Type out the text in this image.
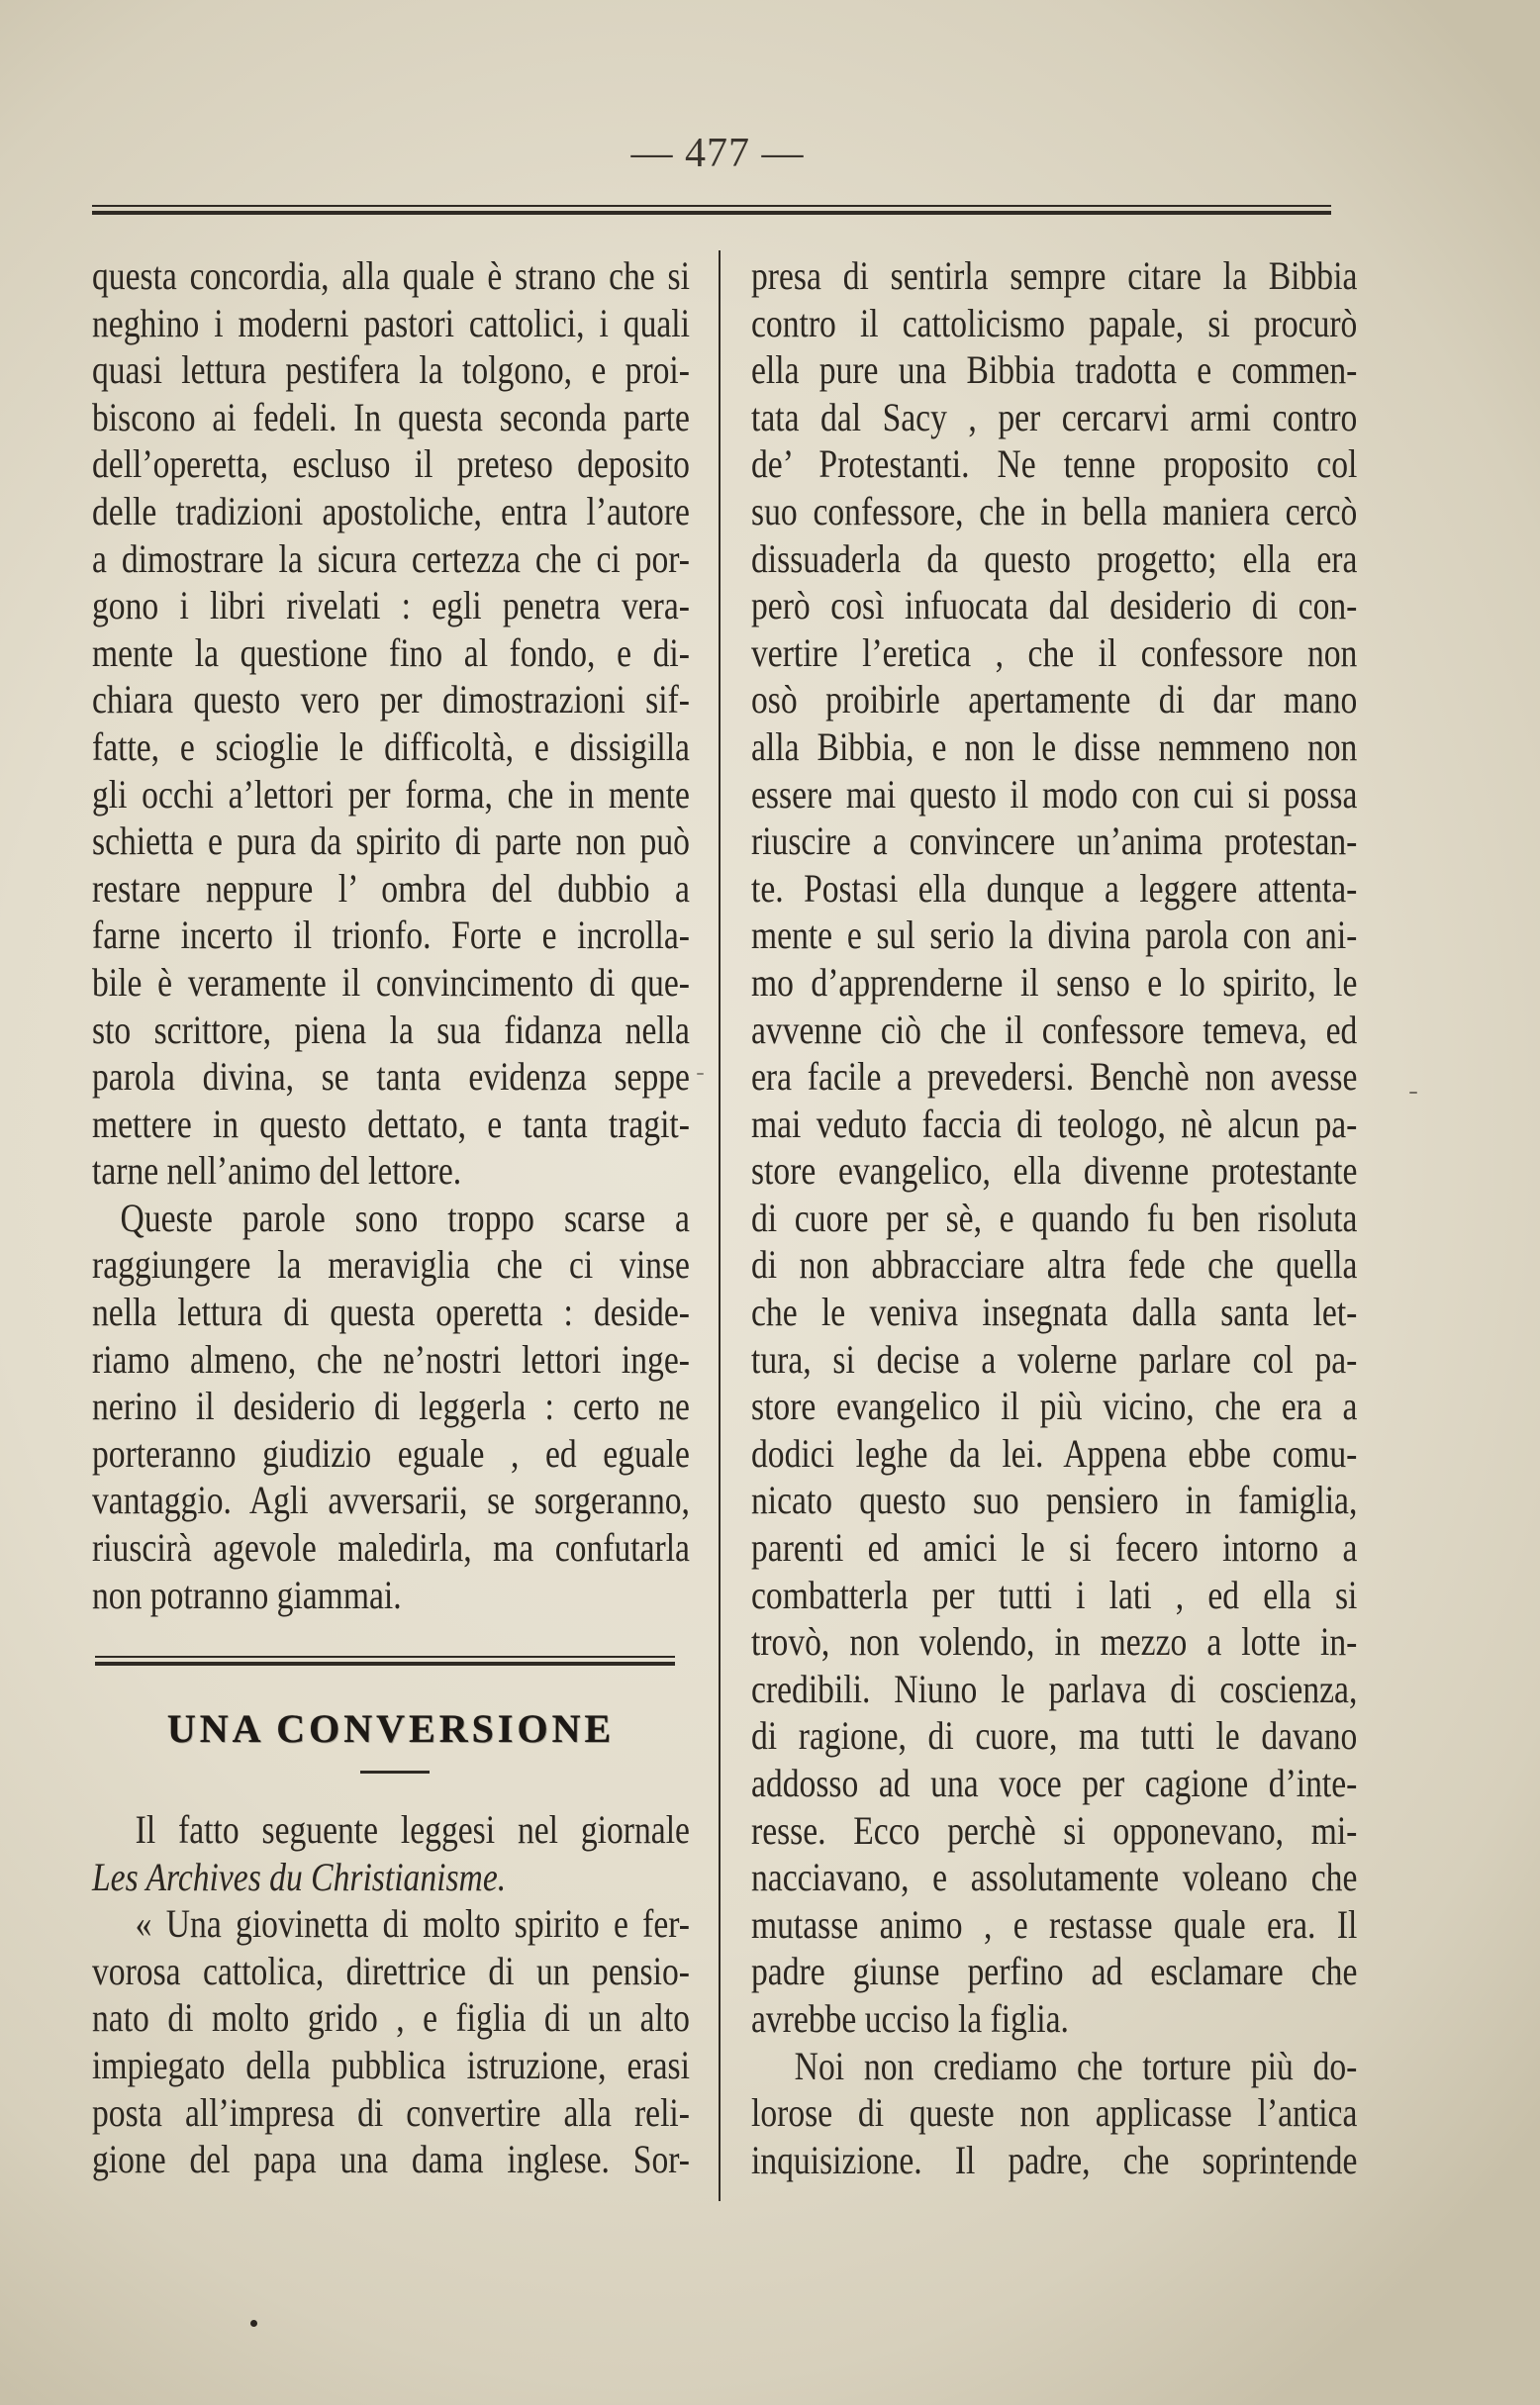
— 477 —
questa concordia, alla quale è strano che si
neghino i moderni pastori cattolici, i quali
quasi lettura pestifera la tolgono, e proi-
biscono ai fedeli. In questa seconda parte
dell’operetta, escluso il preteso deposito
delle tradizioni apostoliche, entra l’autore
a dimostrare la sicura certezza che ci por-
gono i libri rivelati : egli penetra vera-
mente la questione fino al fondo, e di-
chiara questo vero per dimostrazioni sif-
fatte, e scioglie le difficoltà, e dissigilla
gli occhi a’lettori per forma, che in mente
schietta e pura da spirito di parte non può
restare neppure l’ ombra del dubbio a
farne incerto il trionfo. Forte e incrolla-
bile è veramente il convincimento di que-
sto scrittore, piena la sua fidanza nella
parola divina, se tanta evidenza seppe
mettere in questo dettato, e tanta tragit-
tarne nell’animo del lettore.
Queste parole sono troppo scarse a
raggiungere la meraviglia che ci vinse
nella lettura di questa operetta : deside-
riamo almeno, che ne’nostri lettori inge-
nerino il desiderio di leggerla : certo ne
porteranno giudizio eguale , ed eguale
vantaggio. Agli avversarii, se sorgeranno,
riuscirà agevole maledirla, ma confutarla
non potranno giammai.
UNA CONVERSIONE
Il fatto seguente leggesi nel giornale
Les Archives du Christianisme.
« Una giovinetta di molto spirito e fer-
vorosa cattolica, direttrice di un pensio-
nato di molto grido , e figlia di un alto
impiegato della pubblica istruzione, erasi
posta all’impresa di convertire alla reli-
gione del papa una dama inglese. Sor-
presa di sentirla sempre citare la Bibbia
contro il cattolicismo papale, si procurò
ella pure una Bibbia tradotta e commen-
tata dal Sacy , per cercarvi armi contro
de’ Protestanti. Ne tenne proposito col
suo confessore, che in bella maniera cercò
dissuaderla da questo progetto; ella era
però così infuocata dal desiderio di con-
vertire l’eretica , che il confessore non
osò proibirle apertamente di dar mano
alla Bibbia, e non le disse nemmeno non
essere mai questo il modo con cui si possa
riuscire a convincere un’anima protestan-
te. Postasi ella dunque a leggere attenta-
mente e sul serio la divina parola con ani-
mo d’apprenderne il senso e lo spirito, le
avvenne ciò che il confessore temeva, ed
era facile a prevedersi. Benchè non avesse
mai veduto faccia di teologo, nè alcun pa-
store evangelico, ella divenne protestante
di cuore per sè, e quando fu ben risoluta
di non abbracciare altra fede che quella
che le veniva insegnata dalla santa let-
tura, si decise a volerne parlare col pa-
store evangelico il più vicino, che era a
dodici leghe da lei. Appena ebbe comu-
nicato questo suo pensiero in famiglia,
parenti ed amici le si fecero intorno a
combatterla per tutti i lati , ed ella si
trovò, non volendo, in mezzo a lotte in-
credibili. Niuno le parlava di coscienza,
di ragione, di cuore, ma tutti le davano
addosso ad una voce per cagione d’inte-
resse. Ecco perchè si opponevano, mi-
nacciavano, e assolutamente voleano che
mutasse animo , e restasse quale era. Il
padre giunse perfino ad esclamare che
avrebbe ucciso la figlia.
Noi non crediamo che torture più do-
lorose di queste non applicasse l’antica
inquisizione. Il padre, che soprintende
